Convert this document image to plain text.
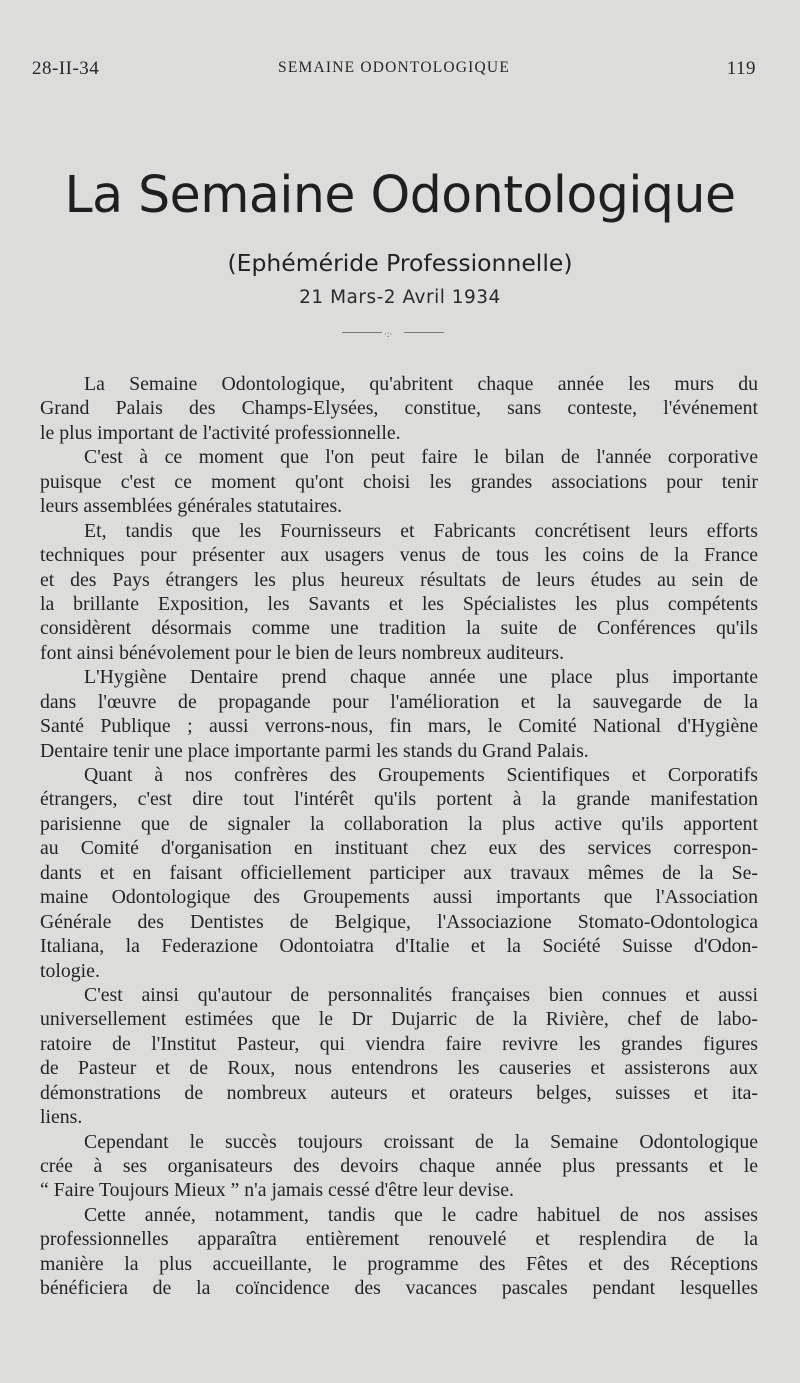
28-II-34	SEMAINE ODONTOLOGIQUE	119
La Semaine Odontologique
(Ephéméride Professionnelle)
21 Mars-2 Avril 1934
·:·
La Semaine Odontologique, qu'abritent chaque année les murs du
Grand Palais des Champs-Elysées, constitue, sans conteste, l'événement
le plus important de l'activité professionnelle.
C'est à ce moment que l'on peut faire le bilan de l'année corporative
puisque c'est ce moment qu'ont choisi les grandes associations pour tenir
leurs assemblées générales statutaires.
Et, tandis que les Fournisseurs et Fabricants concrétisent leurs efforts
techniques pour présenter aux usagers venus de tous les coins de la France
et des Pays étrangers les plus heureux résultats de leurs études au sein de
la brillante Exposition, les Savants et les Spécialistes les plus compétents
considèrent désormais comme une tradition la suite de Conférences qu'ils
font ainsi bénévolement pour le bien de leurs nombreux auditeurs.
L'Hygiène Dentaire prend chaque année une place plus importante
dans l'œuvre de propagande pour l'amélioration et la sauvegarde de la
Santé Publique ; aussi verrons-nous, fin mars, le Comité National d'Hygiène
Dentaire tenir une place importante parmi les stands du Grand Palais.
Quant à nos confrères des Groupements Scientifiques et Corporatifs
étrangers, c'est dire tout l'intérêt qu'ils portent à la grande manifestation
parisienne que de signaler la collaboration la plus active qu'ils apportent
au Comité d'organisation en instituant chez eux des services correspon-
dants et en faisant officiellement participer aux travaux mêmes de la Se-
maine Odontologique des Groupements aussi importants que l'Association
Générale des Dentistes de Belgique, l'Associazione Stomato-Odontologica
Italiana, la Federazione Odontoiatra d'Italie et la Société Suisse d'Odon-
tologie.
C'est ainsi qu'autour de personnalités françaises bien connues et aussi
universellement estimées que le Dr Dujarric de la Rivière, chef de labo-
ratoire de l'Institut Pasteur, qui viendra faire revivre les grandes figures
de Pasteur et de Roux, nous entendrons les causeries et assisterons aux
démonstrations de nombreux auteurs et orateurs belges, suisses et ita-
liens.
Cependant le succès toujours croissant de la Semaine Odontologique
crée à ses organisateurs des devoirs chaque année plus pressants et le
“ Faire Toujours Mieux ” n'a jamais cessé d'être leur devise.
Cette année, notamment, tandis que le cadre habituel de nos assises
professionnelles apparaîtra entièrement renouvelé et resplendira de la
manière la plus accueillante, le programme des Fêtes et des Réceptions
bénéficiera de la coïncidence des vacances pascales pendant lesquelles
